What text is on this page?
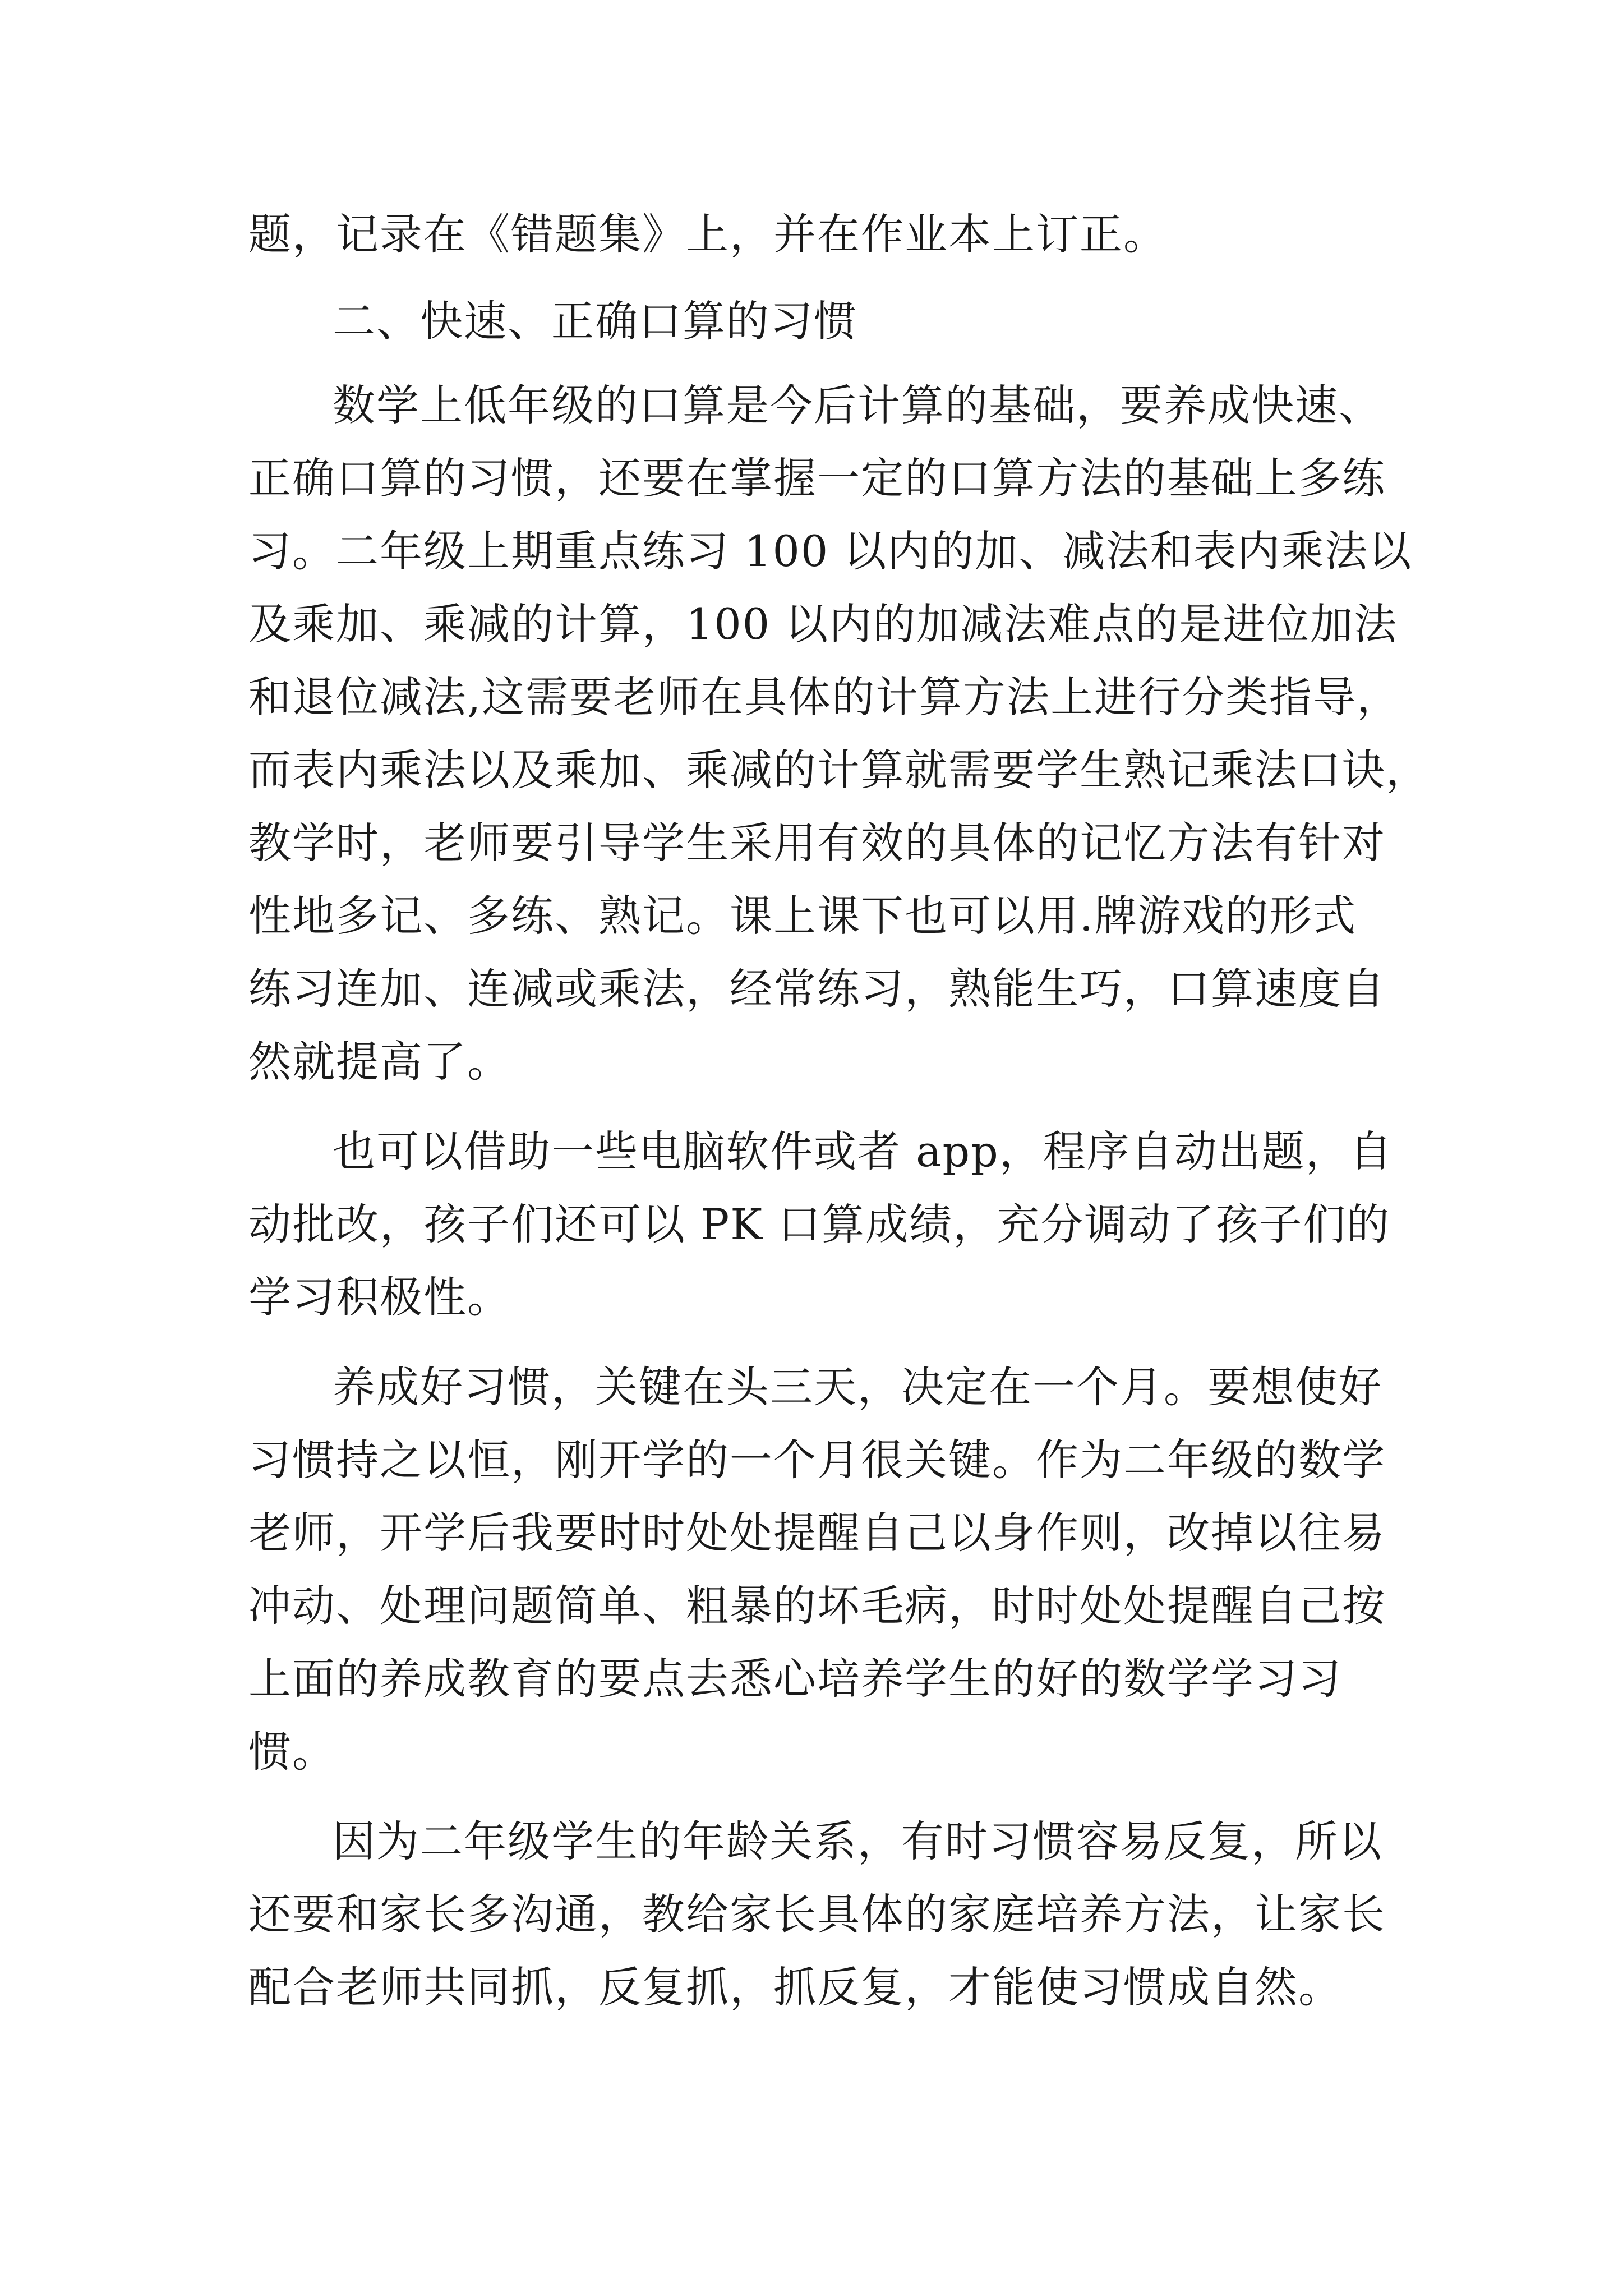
题，记录在《错题集》上，并在作业本上订正。

二、快速、正确口算的习惯

数学上低年级的口算是今后计算的基础，要养成快速、

正确口算的习惯，还要在掌握一定的口算方法的基础上多练

习。二年级上期重点练习 100 以内的加、减法和表内乘法以

及乘加、乘减的计算，100 以内的加减法难点的是进位加法

和退位减法,这需要老师在具体的计算方法上进行分类指导，

而表内乘法以及乘加、乘减的计算就需要学生熟记乘法口诀，

教学时，老师要引导学生采用有效的具体的记忆方法有针对

性地多记、多练、熟记。课上课下也可以用.牌游戏的形式

练习连加、连减或乘法，经常练习，熟能生巧，口算速度自

然就提高了。

也可以借助一些电脑软件或者 app，程序自动出题，自

动批改，孩子们还可以 PK 口算成绩，充分调动了孩子们的

学习积极性。

养成好习惯，关键在头三天，决定在一个月。要想使好

习惯持之以恒，刚开学的一个月很关键。作为二年级的数学

老师，开学后我要时时处处提醒自己以身作则，改掉以往易

冲动、处理问题简单、粗暴的坏毛病，时时处处提醒自己按

上面的养成教育的要点去悉心培养学生的好的数学学习习

惯。

因为二年级学生的年龄关系，有时习惯容易反复，所以

还要和家长多沟通，教给家长具体的家庭培养方法，让家长

配合老师共同抓，反复抓，抓反复，才能使习惯成自然。
